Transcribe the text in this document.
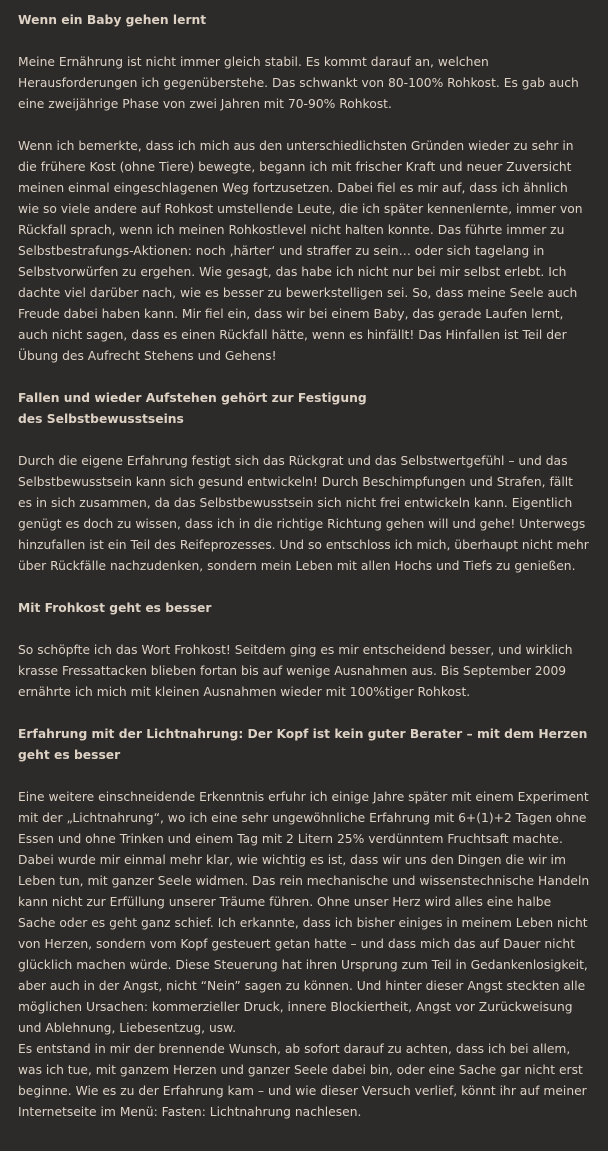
Wenn ein Baby gehen lernt

Meine Ernährung ist nicht immer gleich stabil. Es kommt darauf an, welchen Herausforderungen ich gegenüberstehe. Das schwankt von 80-100% Rohkost. Es gab auch eine zweijährige Phase von zwei Jahren mit 70-90% Rohkost.

Wenn ich bemerkte, dass ich mich aus den unterschiedlichsten Gründen wieder zu sehr in die frühere Kost (ohne Tiere) bewegte, begann ich mit frischer Kraft und neuer Zuversicht meinen einmal eingeschlagenen Weg fortzusetzen. Dabei fiel es mir auf, dass ich ähnlich wie so viele andere auf Rohkost umstellende Leute, die ich später kennenlernte, immer von Rückfall sprach, wenn ich meinen Rohkostlevel nicht halten konnte. Das führte immer zu Selbstbestrafungs-Aktionen: noch ‚härter‘ und straffer zu sein… oder sich tagelang in Selbstvorwürfen zu ergehen. Wie gesagt, das habe ich nicht nur bei mir selbst erlebt. Ich dachte viel darüber nach, wie es besser zu bewerkstelligen sei. So, dass meine Seele auch Freude dabei haben kann. Mir fiel ein, dass wir bei einem Baby, das gerade Laufen lernt, auch nicht sagen, dass es einen Rückfall hätte, wenn es hinfällt! Das Hinfallen ist Teil der Übung des Aufrecht Stehens und Gehens!

Fallen und wieder Aufstehen gehört zur Festigung
des Selbstbewusstseins

Durch die eigene Erfahrung festigt sich das Rückgrat und das Selbstwertgefühl – und das Selbstbewusstsein kann sich gesund entwickeln! Durch Beschimpfungen und Strafen, fällt es in sich zusammen, da das Selbstbewusstsein sich nicht frei entwickeln kann. Eigentlich genügt es doch zu wissen, dass ich in die richtige Richtung gehen will und gehe! Unterwegs hinzufallen ist ein Teil des Reifeprozesses. Und so entschloss ich mich, überhaupt nicht mehr über Rückfälle nachzudenken, sondern mein Leben mit allen Hochs und Tiefs zu genießen.

Mit Frohkost geht es besser

So schöpfte ich das Wort Frohkost! Seitdem ging es mir entscheidend besser, und wirklich krasse Fressattacken blieben fortan bis auf wenige Ausnahmen aus. Bis September 2009 ernährte ich mich mit kleinen Ausnahmen wieder mit 100%tiger Rohkost.

Erfahrung mit der Lichtnahrung: Der Kopf ist kein guter Berater – mit dem Herzen geht es besser

Eine weitere einschneidende Erkenntnis erfuhr ich einige Jahre später mit einem Experiment mit der „Lichtnahrung“, wo ich eine sehr ungewöhnliche Erfahrung mit 6+(1)+2 Tagen ohne Essen und ohne Trinken und einem Tag mit 2 Litern 25% verdünntem Fruchtsaft machte. Dabei wurde mir einmal mehr klar, wie wichtig es ist, dass wir uns den Dingen die wir im Leben tun, mit ganzer Seele widmen. Das rein mechanische und wissenstechnische Handeln kann nicht zur Erfüllung unserer Träume führen. Ohne unser Herz wird alles eine halbe Sache oder es geht ganz schief. Ich erkannte, dass ich bisher einiges in meinem Leben nicht von Herzen, sondern vom Kopf gesteuert getan hatte – und dass mich das auf Dauer nicht glücklich machen würde. Diese Steuerung hat ihren Ursprung zum Teil in Gedankenlosigkeit, aber auch in der Angst, nicht “Nein” sagen zu können. Und hinter dieser Angst steckten alle möglichen Ursachen: kommerzieller Druck, innere Blockiertheit, Angst vor Zurückweisung und Ablehnung, Liebesentzug, usw.

Es entstand in mir der brennende Wunsch, ab sofort darauf zu achten, dass ich bei allem, was ich tue, mit ganzem Herzen und ganzer Seele dabei bin, oder eine Sache gar nicht erst beginne. Wie es zu der Erfahrung kam – und wie dieser Versuch verlief, könnt ihr auf meiner Internetseite im Menü: Fasten: Lichtnahrung nachlesen.
